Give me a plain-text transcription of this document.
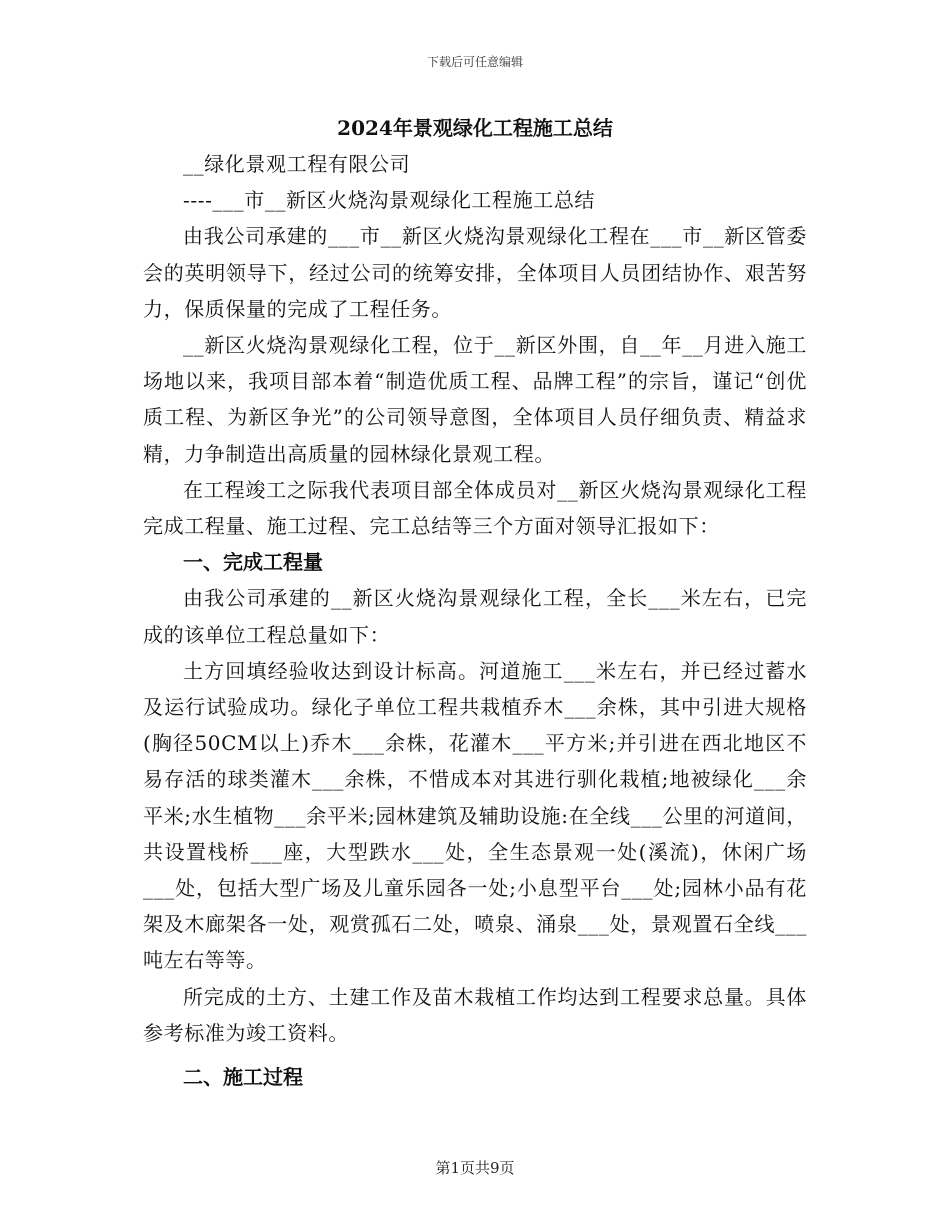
下载后可任意编辑

2024年景观绿化工程施工总结

__绿化景观工程有限公司

----___市__新区火烧沟景观绿化工程施工总结

由我公司承建的___市__新区火烧沟景观绿化工程在___市__新区管委会的英明领导下，经过公司的统筹安排，全体项目人员团结协作、艰苦努力，保质保量的完成了工程任务。

__新区火烧沟景观绿化工程，位于__新区外围，自__年__月进入施工场地以来，我项目部本着“制造优质工程、品牌工程”的宗旨，谨记“创优质工程、为新区争光”的公司领导意图，全体项目人员仔细负责、精益求精，力争制造出高质量的园林绿化景观工程。

在工程竣工之际我代表项目部全体成员对__新区火烧沟景观绿化工程完成工程量、施工过程、完工总结等三个方面对领导汇报如下：

一、完成工程量

由我公司承建的__新区火烧沟景观绿化工程，全长___米左右，已完成的该单位工程总量如下：

土方回填经验收达到设计标高。河道施工___米左右，并已经过蓄水及运行试验成功。绿化子单位工程共栽植乔木___余株，其中引进大规格(胸径50CM以上)乔木___余株，花灌木___平方米;并引进在西北地区不易存活的球类灌木___余株，不惜成本对其进行驯化栽植;地被绿化___余平米;水生植物___余平米;园林建筑及辅助设施:在全线___公里的河道间，共设置栈桥___座，大型跌水___处，全生态景观一处(溪流)，休闲广场___处，包括大型广场及儿童乐园各一处;小息型平台___处;园林小品有花架及木廊架各一处，观赏孤石二处，喷泉、涌泉___处，景观置石全线___吨左右等等。

所完成的土方、土建工作及苗木栽植工作均达到工程要求总量。具体参考标准为竣工资料。

二、施工过程

第1页共9页
